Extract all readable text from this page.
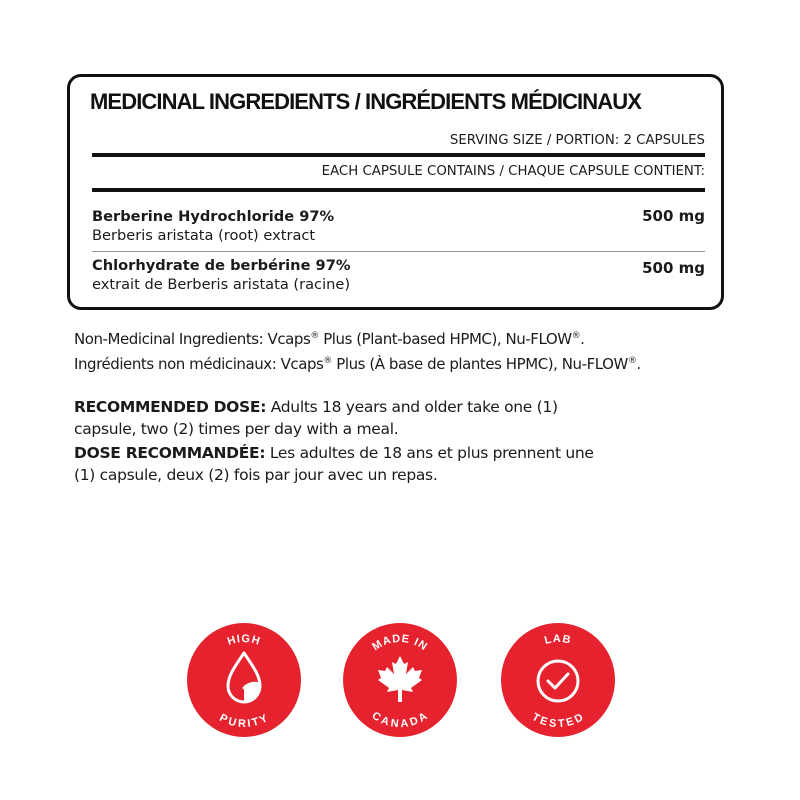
MEDICINAL INGREDIENTS / INGRÉDIENTS MÉDICINAUX
SERVING SIZE / PORTION: 2 CAPSULES
EACH CAPSULE CONTAINS / CHAQUE CAPSULE CONTIENT:
Berberine Hydrochloride 97%
Berberis aristata (root) extract
500 mg
Chlorhydrate de berbérine 97%
extrait de Berberis aristata (racine)
500 mg
Non-Medicinal Ingredients: Vcaps® Plus (Plant-based HPMC), Nu-FLOW®.
Ingrédients non médicinaux: Vcaps® Plus (À base de plantes HPMC), Nu-FLOW®.
RECOMMENDED DOSE: Adults 18 years and older take one (1)
capsule, two (2) times per day with a meal.
DOSE RECOMMANDÉE: Les adultes de 18 ans et plus prennent une
(1) capsule, deux (2) fois par jour avec un repas.
HIGH
PURITY
MADE IN
CANADA
LAB
TESTED
